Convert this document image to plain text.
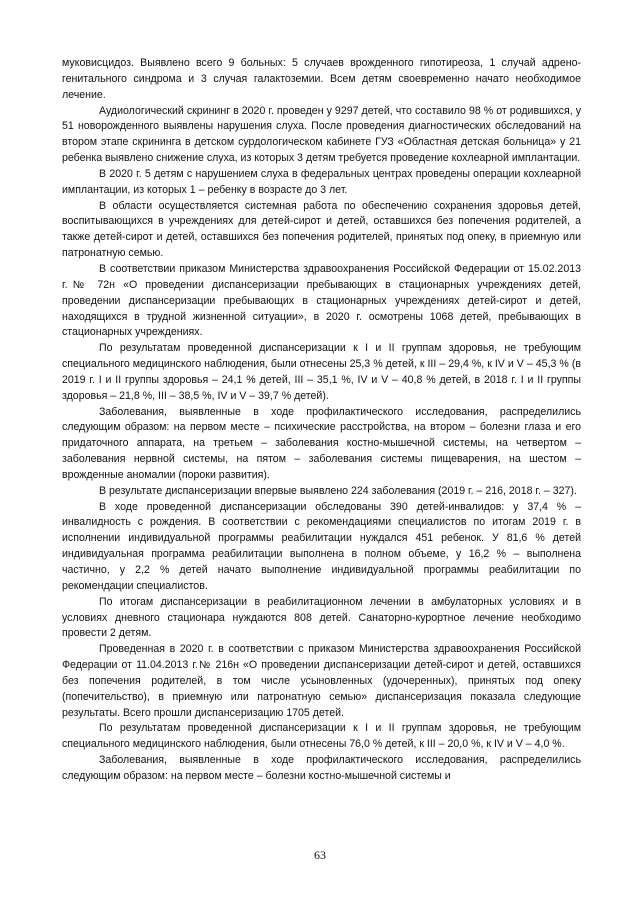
муковисцидоз. Выявлено всего 9 больных: 5 случаев врожденного гипотиреоза, 1 случай адрено-генитального синдрома и 3 случая галактоземии. Всем детям своевременно начато необходимое лечение.

Аудиологический скрининг в 2020 г. проведен у 9297 детей, что составило 98 % от родившихся, у 51 новорожденного выявлены нарушения слуха. После проведения диагностических обследований на втором этапе скрининга в детском сурдологическом кабинете ГУЗ «Областная детская больница» у 21 ребенка выявлено снижение слуха, из которых 3 детям требуется проведение кохлеарной имплантации.

В 2020 г. 5 детям с нарушением слуха в федеральных центрах проведены операции кохлеарной имплантации, из которых 1 – ребенку в возрасте до 3 лет.

В области осуществляется системная работа по обеспечению сохранения здоровья детей, воспитывающихся в учреждениях для детей-сирот и детей, оставшихся без попечения родителей, а также детей-сирот и детей, оставшихся без попечения родителей, принятых под опеку, в приемную или патронатную семью.

В соответствии приказом Министерства здравоохранения Российской Федерации от 15.02.2013 г.№ 72н «О проведении диспансеризации пребывающих в стационарных учреждениях детей, проведении диспансеризации пребывающих в стационарных учреждениях детей-сирот и детей, находящихся в трудной жизненной ситуации», в 2020 г. осмотрены 1068 детей, пребывающих в стационарных учреждениях.

По результатам проведенной диспансеризации к I и II группам здоровья, не требующим специального медицинского наблюдения, были отнесены 25,3 % детей, к III – 29,4 %, к IV и V – 45,3 % (в 2019 г. I и II группы здоровья – 24,1 % детей, III – 35,1 %, IV и V – 40,8 % детей, в 2018 г. I и II группы здоровья – 21,8 %, III – 38,5 %, IV и V – 39,7 % детей).

Заболевания, выявленные в ходе профилактического исследования, распределились следующим образом: на первом месте – психические расстройства, на втором – болезни глаза и его придаточного аппарата, на третьем – заболевания костно-мышечной системы, на четвертом – заболевания нервной системы, на пятом – заболевания системы пищеварения, на шестом – врожденные аномалии (пороки развития).

В результате диспансеризации впервые выявлено 224 заболевания (2019 г. – 216, 2018 г. – 327).

В ходе проведенной диспансеризации обследованы 390 детей-инвалидов: у 37,4 % – инвалидность с рождения. В соответствии с рекомендациями специалистов по итогам 2019 г. в исполнении индивидуальной программы реабилитации нуждался 451 ребенок. У 81,6 % детей индивидуальная программа реабилитации выполнена в полном объеме, у 16,2 % – выполнена частично, у 2,2 % детей начато выполнение индивидуальной программы реабилитации по рекомендации специалистов.

По итогам диспансеризации в реабилитационном лечении в амбулаторных условиях и в условиях дневного стационара нуждаются 808 детей. Санаторно-курортное лечение необходимо провести 2 детям.

Проведенная в 2020 г. в соответствии с приказом Министерства здравоохранения Российской Федерации от 11.04.2013 г.№ 216н «О проведении диспансеризации детей-сирот и детей, оставшихся без попечения родителей, в том числе усыновленных (удочеренных), принятых под опеку (попечительство), в приемную или патронатную семью» диспансеризация показала следующие результаты. Всего прошли диспансеризацию 1705 детей.

По результатам проведенной диспансеризации к I и II группам здоровья, не требующим специального медицинского наблюдения, были отнесены 76,0 % детей, к III – 20,0 %, к IV и V – 4,0 %.

Заболевания, выявленные в ходе профилактического исследования, распределились следующим образом: на первом месте – болезни костно-мышечной системы и

63
